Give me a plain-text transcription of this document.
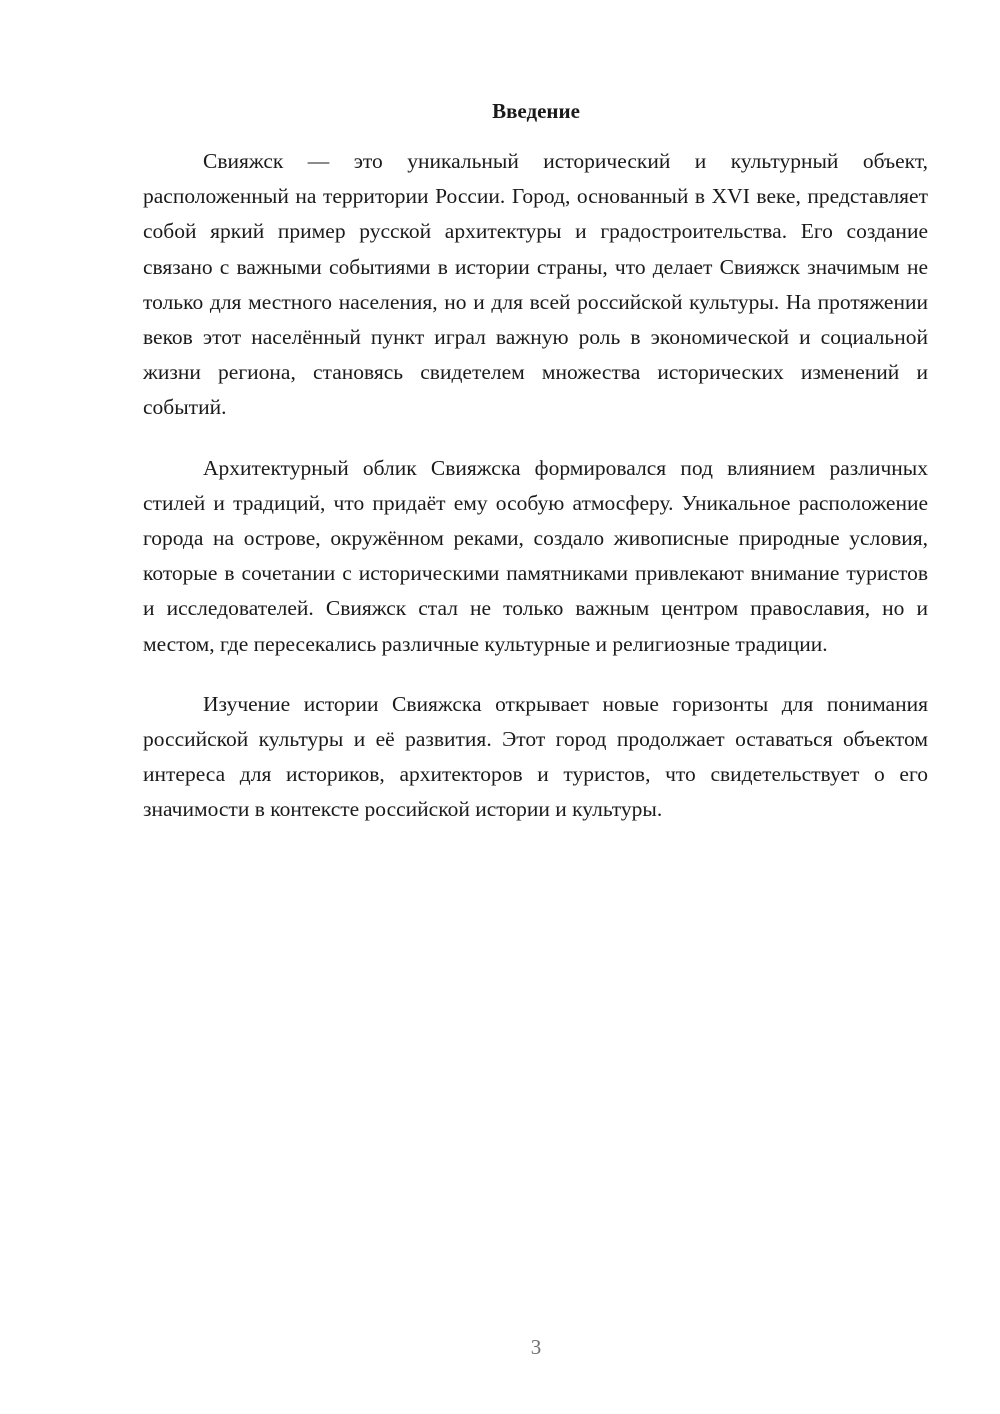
Введение

Свияжск — это уникальный исторический и культурный объект, расположенный на территории России. Город, основанный в XVI веке, представляет собой яркий пример русской архитектуры и градостроительства. Его создание связано с важными событиями в истории страны, что делает Свияжск значимым не только для местного населения, но и для всей российской культуры. На протяжении веков этот населённый пункт играл важную роль в экономической и социальной жизни региона, становясь свидетелем множества исторических изменений и событий.

Архитектурный облик Свияжска формировался под влиянием различных стилей и традиций, что придаёт ему особую атмосферу. Уникальное расположение города на острове, окружённом реками, создало живописные природные условия, которые в сочетании с историческими памятниками привлекают внимание туристов и исследователей. Свияжск стал не только важным центром православия, но и местом, где пересекались различные культурные и религиозные традиции.

Изучение истории Свияжска открывает новые горизонты для понимания российской культуры и её развития. Этот город продолжает оставаться объектом интереса для историков, архитекторов и туристов, что свидетельствует о его значимости в контексте российской истории и культуры.

3
